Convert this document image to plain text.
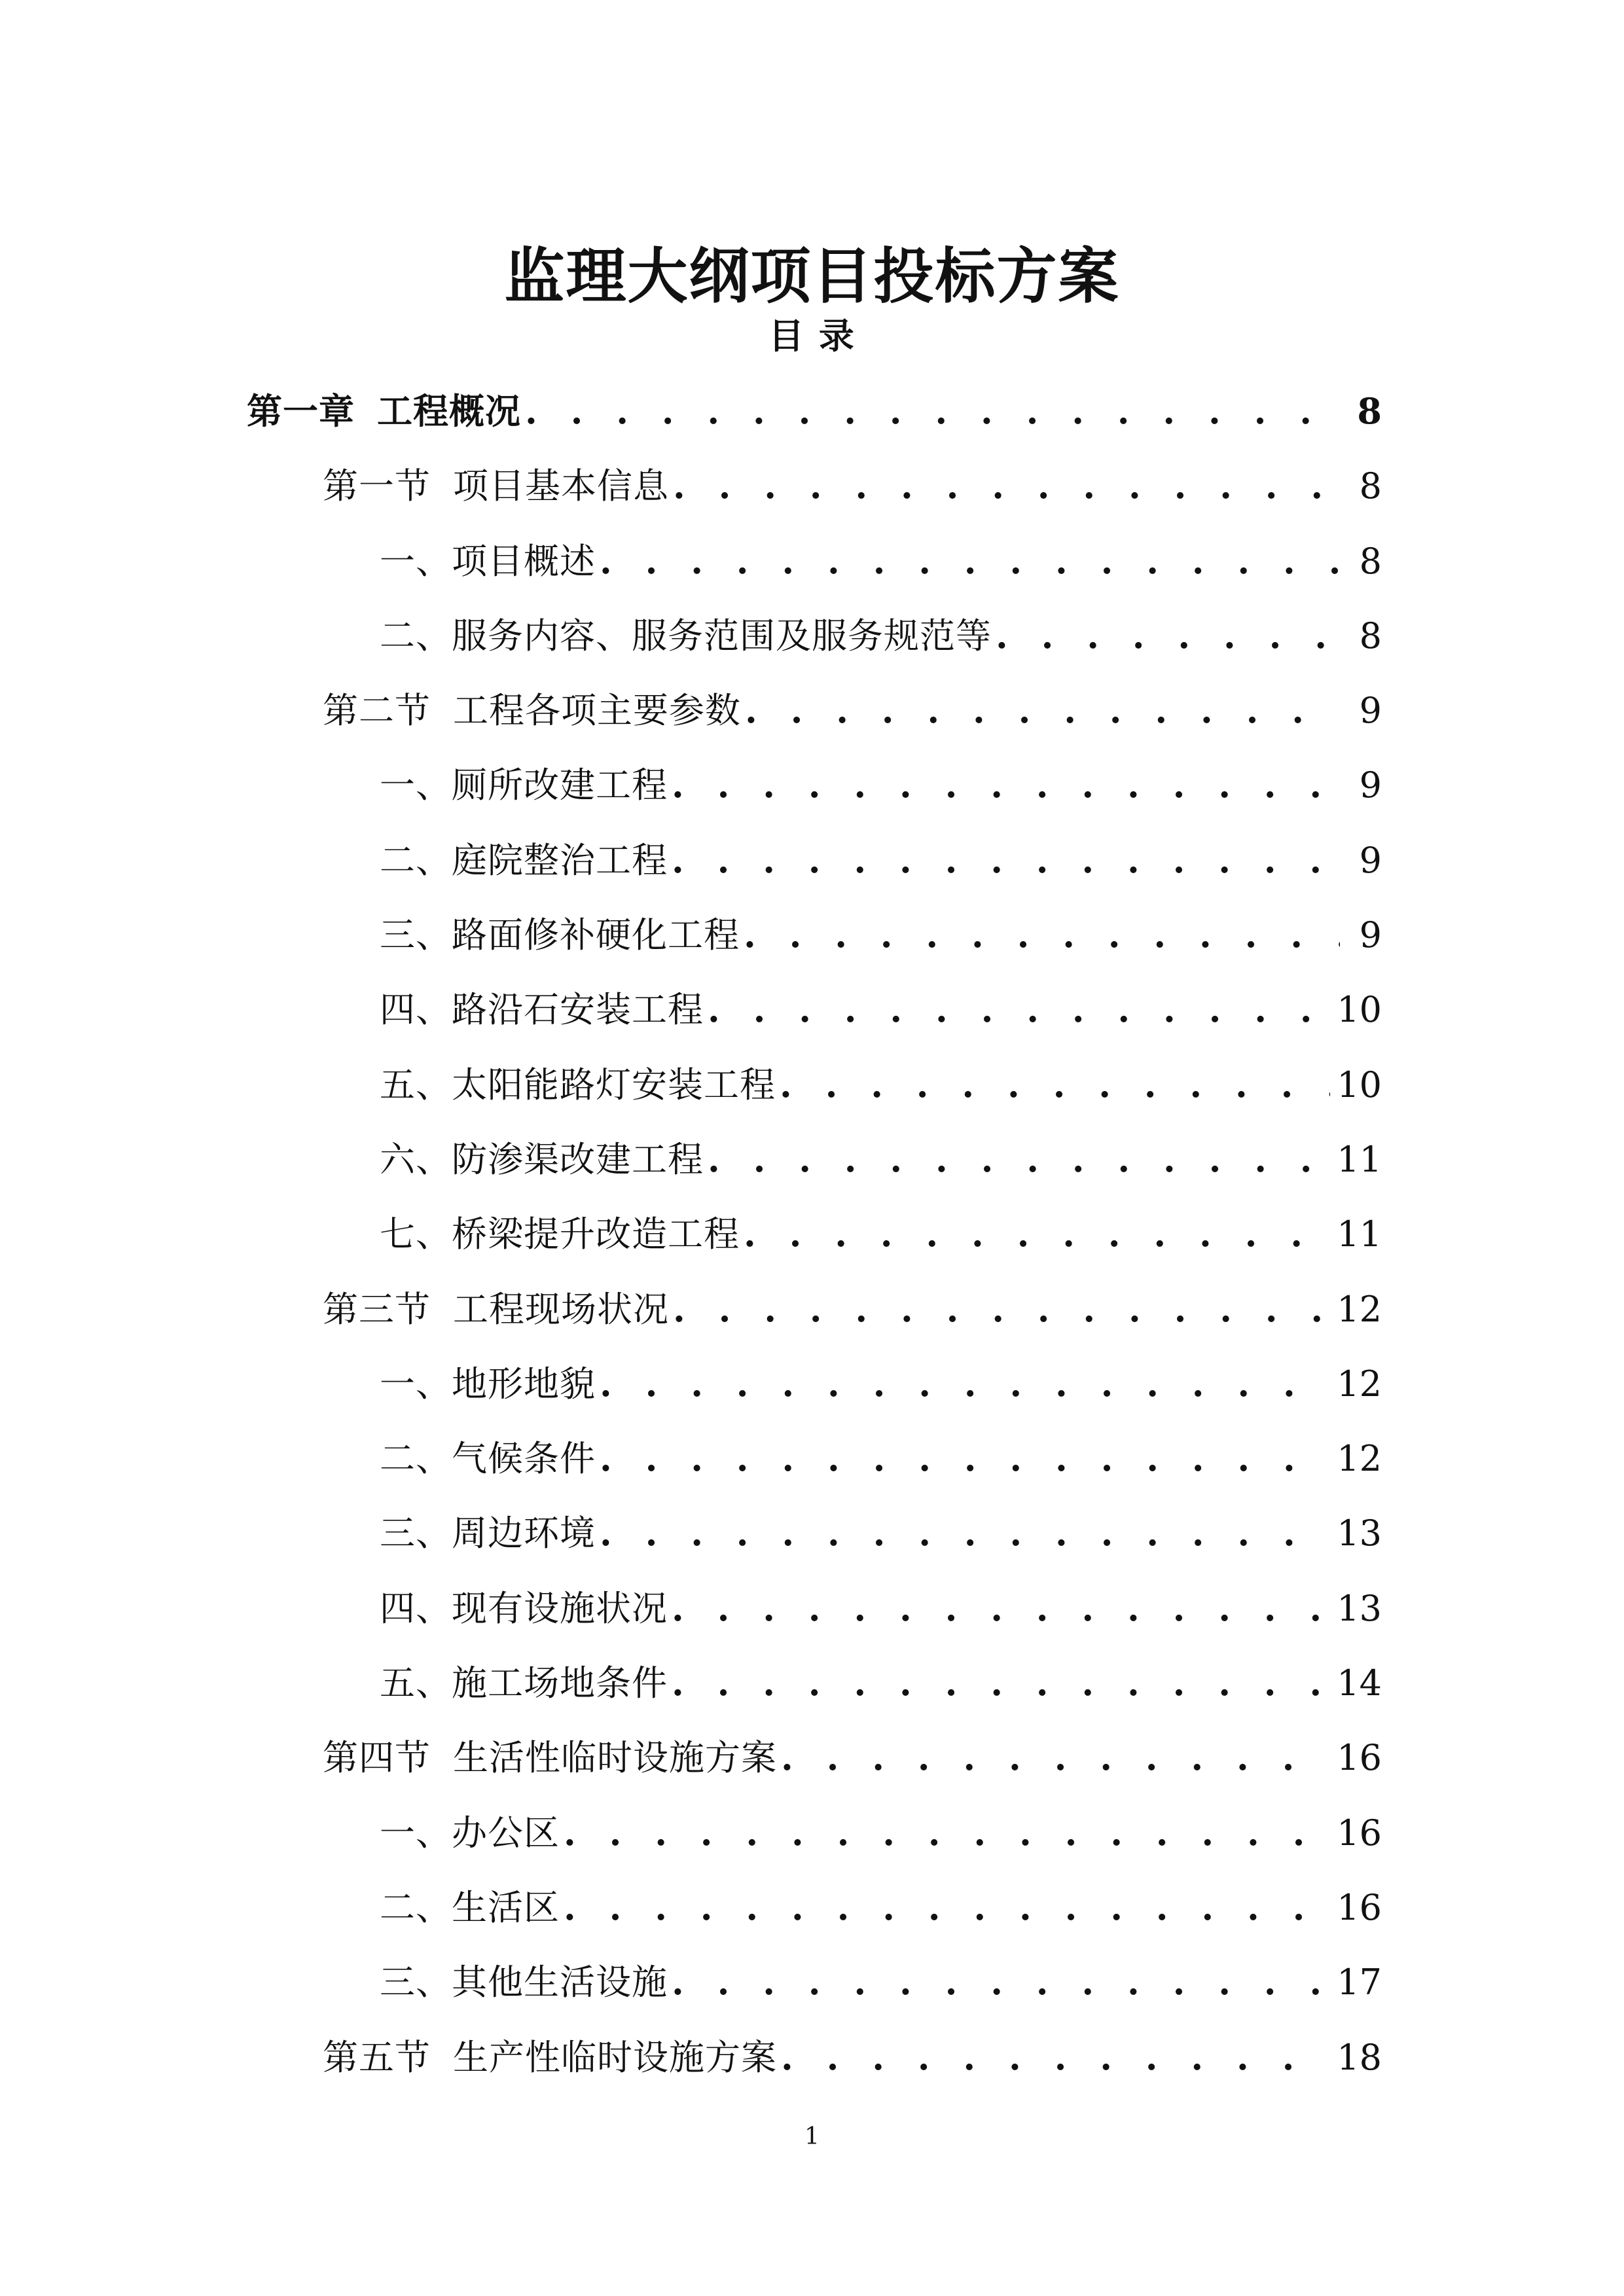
监理大纲项目投标方案
目 录
第一章 工程概况 . . .	8
第一节 项目基本信息 . . .	8
一、项目概述 . . .	8
二、服务内容、服务范围及服务规范等 . . .	8
第二节 工程各项主要参数 . . .	9
一、厕所改建工程 . . .	9
二、庭院整治工程 . . .	9
三、路面修补硬化工程 . . .	9
四、路沿石安装工程 . . .	10
五、太阳能路灯安装工程 . . .	10
六、防渗渠改建工程 . . .	11
七、桥梁提升改造工程 . . .	11
第三节 工程现场状况 . . .	12
一、地形地貌 . . .	12
二、气候条件 . . .	12
三、周边环境 . . .	13
四、现有设施状况 . . .	13
五、施工场地条件 . . .	14
第四节 生活性临时设施方案 . . .	16
一、办公区 . . .	16
二、生活区 . . .	16
三、其他生活设施 . . .	17
第五节 生产性临时设施方案 . . .	18
1
